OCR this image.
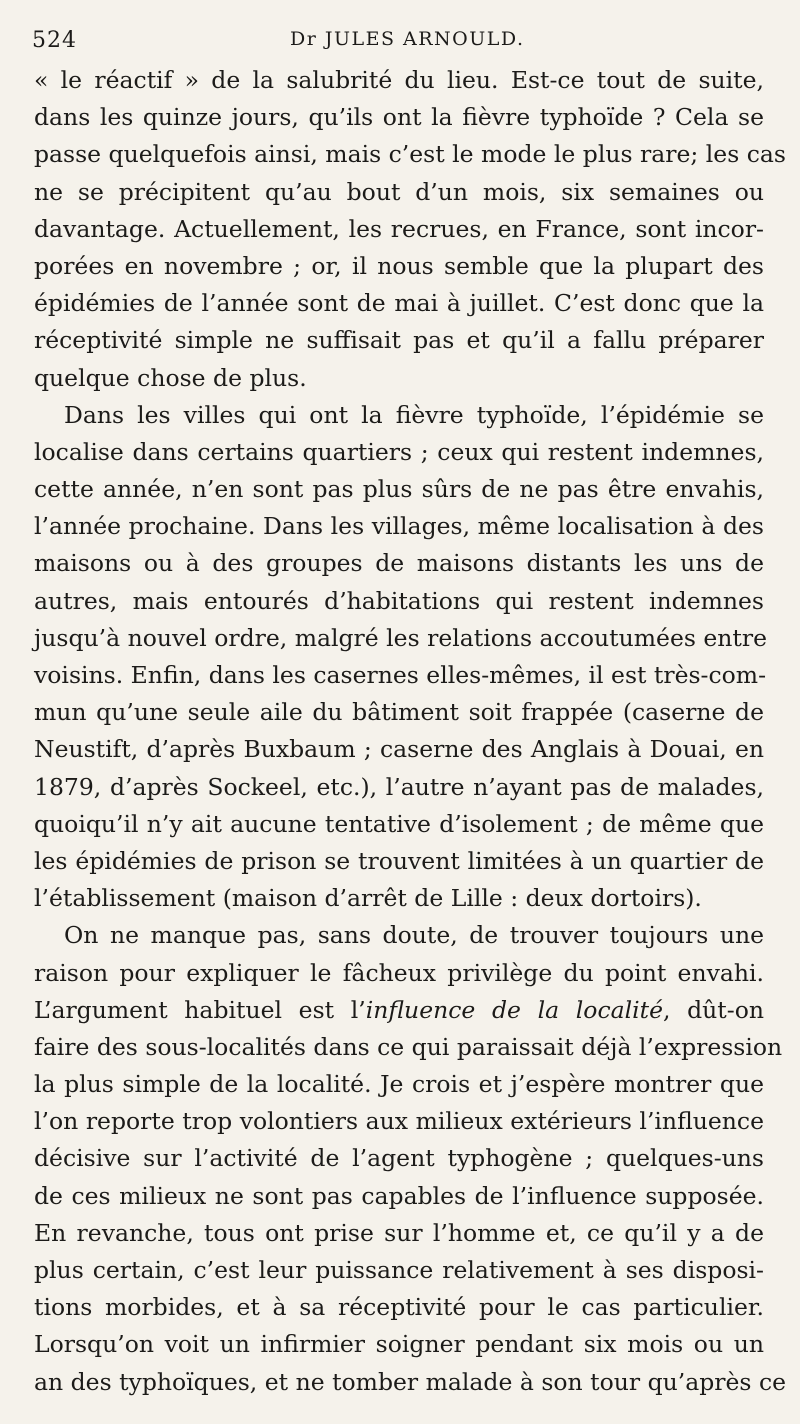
524	Dr JULES ARNOULD.
« le réactif » de la salubrité du lieu. Est-ce tout de suite,
dans les quinze jours, qu’ils ont la fièvre typhoïde ? Cela se
passe quelquefois ainsi, mais c’est le mode le plus rare; les cas
ne se précipitent qu’au bout d’un mois, six semaines ou
davantage. Actuellement, les recrues, en France, sont incor-
porées en novembre ; or, il nous semble que la plupart des
épidémies de l’année sont de mai à juillet. C’est donc que la
réceptivité simple ne suffisait pas et qu’il a fallu préparer
quelque chose de plus.
Dans les villes qui ont la fièvre typhoïde, l’épidémie se
localise dans certains quartiers ; ceux qui restent indemnes,
cette année, n’en sont pas plus sûrs de ne pas être envahis,
l’année prochaine. Dans les villages, même localisation à des
maisons ou à des groupes de maisons distants les uns de
autres, mais entourés d’habitations qui restent indemnes
jusqu’à nouvel ordre, malgré les relations accoutumées entre
voisins. Enfin, dans les casernes elles-mêmes, il est très-com-
mun qu’une seule aile du bâtiment soit frappée (caserne de
Neustift, d’après Buxbaum ; caserne des Anglais à Douai, en
1879, d’après Sockeel, etc.), l’autre n’ayant pas de malades,
quoiqu’il n’y ait aucune tentative d’isolement ; de même que
les épidémies de prison se trouvent limitées à un quartier de
l’établissement (maison d’arrêt de Lille : deux dortoirs).
On ne manque pas, sans doute, de trouver toujours une
raison pour expliquer le fâcheux privilège du point envahi.
L’argument habituel est l’influence de la localité, dût-on
faire des sous-localités dans ce qui paraissait déjà l’expression
la plus simple de la localité. Je crois et j’espère montrer que
l’on reporte trop volontiers aux milieux extérieurs l’influence
décisive sur l’activité de l’agent typhogène ; quelques-uns
de ces milieux ne sont pas capables de l’influence supposée.
En revanche, tous ont prise sur l’homme et, ce qu’il y a de
plus certain, c’est leur puissance relativement à ses disposi-
tions morbides, et à sa réceptivité pour le cas particulier.
Lorsqu’on voit un infirmier soigner pendant six mois ou un
an des typhoïques, et ne tomber malade à son tour qu’après ce
